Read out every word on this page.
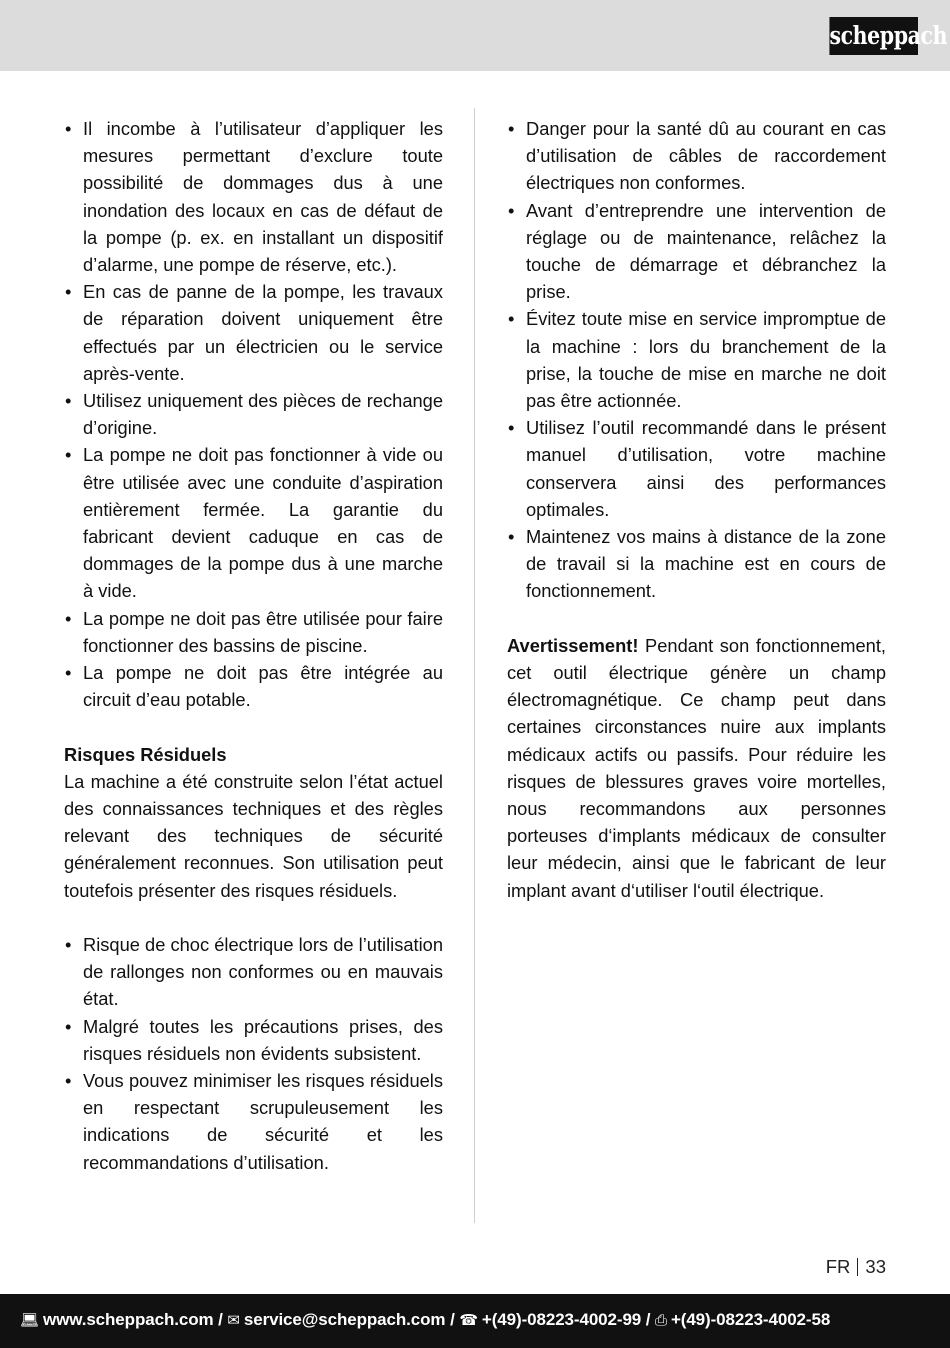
scheppach
• Il incombe à l’utilisateur d’appliquer les mesures permettant d’exclure toute possibilité de dommages dus à une inondation des locaux en cas de défaut de la pompe (p. ex. en installant un dispositif d’alarme, une pompe de réserve, etc.).
• En cas de panne de la pompe, les travaux de réparation doivent uniquement être effectués par un électricien ou le service après-vente.
• Utilisez uniquement des pièces de rechange d’origine.
• La pompe ne doit pas fonctionner à vide ou être utilisée avec une conduite d’aspiration entièrement fermée. La garantie du fabricant devient caduque en cas de dommages de la pompe dus à une marche à vide.
• La pompe ne doit pas être utilisée pour faire fonctionner des bassins de piscine.
• La pompe ne doit pas être intégrée au circuit d’eau potable.
Risques Résiduels

La machine a été construite selon l’état actuel des connaissances techniques et des règles relevant des techniques de sécurité généralement reconnues. Son utilisation peut toutefois présenter des risques résiduels.

• Risque de choc électrique lors de l’utilisation de rallonges non conformes ou en mauvais état.
• Malgré toutes les précautions prises, des risques résiduels non évidents subsistent.
• Vous pouvez minimiser les risques résiduels en respectant scrupuleusement les indications de sécurité et les recommandations d’utilisation.
• Danger pour la santé dû au courant en cas d’utilisation de câbles de raccordement électriques non conformes.
• Avant d’entreprendre une intervention de réglage ou de maintenance, relâchez la touche de démarrage et débranchez la prise.
• Évitez toute mise en service impromptue de la machine : lors du branchement de la prise, la touche de mise en marche ne doit pas être actionnée.
• Utilisez l’outil recommandé dans le présent manuel d’utilisation, votre machine conservera ainsi des performances optimales.
• Maintenez vos mains à distance de la zone de travail si la machine est en cours de fonctionnement.

Avertissement! Pendant son fonctionnement, cet outil électrique génère un champ électromagnétique. Ce champ peut dans certaines circonstances nuire aux implants médicaux actifs ou passifs. Pour réduire les risques de blessures graves voire mortelles, nous recommandons aux personnes porteuses d‘implants médicaux de consulter leur médecin, ainsi que le fabricant de leur implant avant d‘utiliser l‘outil électrique.

FR 33
💻︎ www.scheppach.com / ✉ service@scheppach.com / ☎ +(49)-08223-4002-99 / ⎙ +(49)-08223-4002-58
